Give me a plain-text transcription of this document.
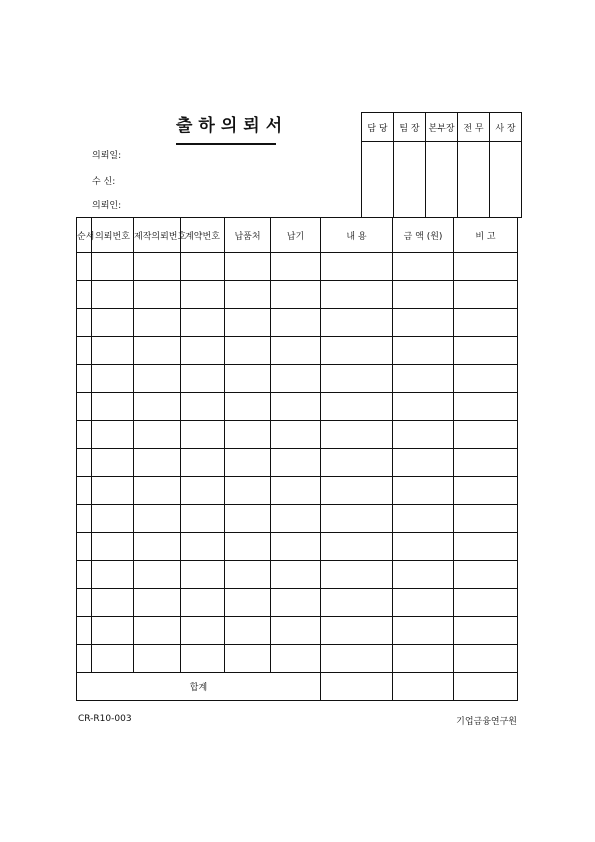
출하의뢰서
의뢰일:
수 신:
의뢰인:
담 당	팀 장	본부장	전 무	사 장

순서	의뢰번호	제작의뢰번호	계약번호	납품처	납기	내 용	금 액 (원)	비 고

합계								
CR-R10-003	기업금융연구원
